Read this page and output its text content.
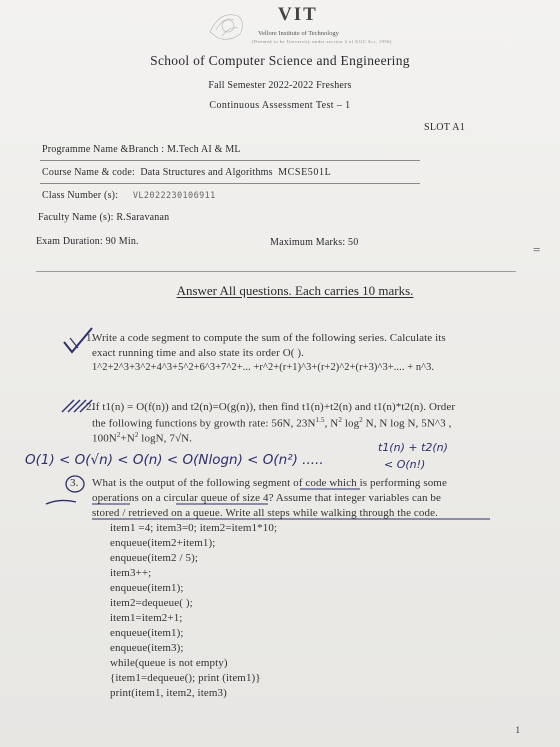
VIT
Vellore Institute of Technology
(Deemed to be University under section 3 of UGC Act, 1956)
School of Computer Science and Engineering
Fall Semester 2022-2022 Freshers
Continuous Assessment Test – 1
SLOT A1
Programme Name &Branch : M.Tech AI & ML
Course Name & code: Data Structures and Algorithms MCSE501L
Class Number (s): VL2022230106911
Faculty Name (s): R.Saravanan
Exam Duration: 90 Min.	Maximum Marks: 50	=
Answer All questions. Each carries 10 marks.
1.
Write a code segment to compute the sum of the following series. Calculate its
exact running time and also state its order O( ).
1^2+2^3+3^2+4^3+5^2+6^3+7^2+... +r^2+(r+1)^3+(r+2)^2+(r+3)^3+.... + n^3.
2.
If t1(n) = O(f(n)) and t2(n)=O(g(n)), then find t1(n)+t2(n) and t1(n)*t2(n). Order
the following functions by growth rate: 56N, $23N^{1.5}$, $N^2$ $\log^2 N$, N log N, 5N^3 ,
$100N^2+N^2$ logN, 7√N.
t1(n) + t2(n)
O(1) < O(√n) < O(n) < O(Nlogn) < O(n²) .....	< O(n!)
3. What is the output of the following segment of code which is performing some
operations on a circular queue of size 4? Assume that integer variables can be
stored / retrieved on a queue. Write all steps while walking through the code.
item1 =4; item3=0; item2=item1*10;
enqueue(item2+item1);
enqueue(item2 / 5);
item3++;
enqueue(item1);
item2=dequeue( );
item1=item2+1;
enqueue(item1);
enqueue(item3);
while(queue is not empty)
{item1=dequeue(); print (item1)}
print(item1, item2, item3)
1
